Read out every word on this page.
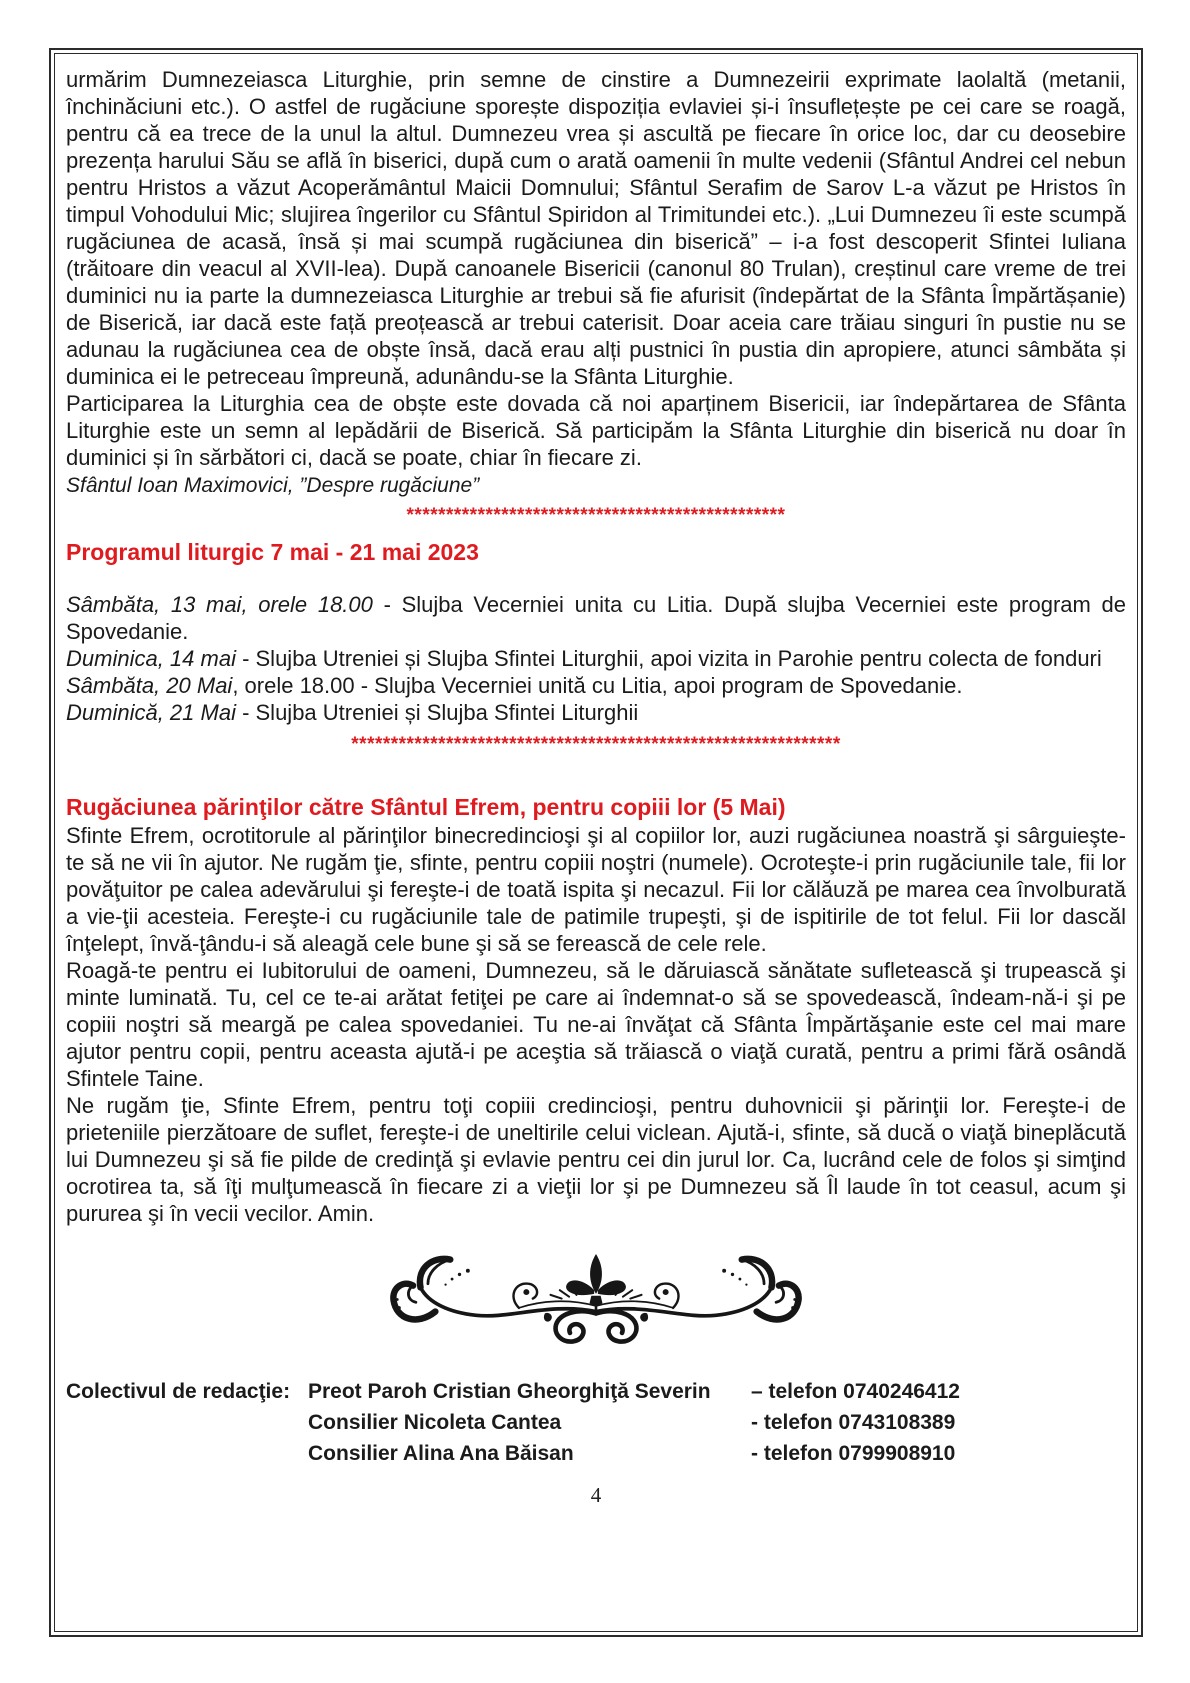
urmărim Dumnezeiasca Liturghie, prin semne de cinstire a Dumnezeirii exprimate laolaltă (metanii, închinăciuni etc.). O astfel de rugăciune sporește dispoziția evlaviei și-i însuflețește pe cei care se roagă, pentru că ea trece de la unul la altul. Dumnezeu vrea și ascultă pe fiecare în orice loc, dar cu deosebire prezența harului Său se află în biserici, după cum o arată oamenii în multe vedenii (Sfântul Andrei cel nebun pentru Hristos a văzut Acoperământul Maicii Domnului; Sfântul Serafim de Sarov L-a văzut pe Hristos în timpul Vohodului Mic; slujirea îngerilor cu Sfântul Spiridon al Trimitundei etc.). „Lui Dumnezeu îi este scumpă rugăciunea de acasă, însă și mai scumpă rugăciunea din biserică” – i-a fost descoperit Sfintei Iuliana (trăitoare din veacul al XVII-lea). După canoanele Bisericii (canonul 80 Trulan), creștinul care vreme de trei duminici nu ia parte la dumnezeiasca Liturghie ar trebui să fie afurisit (îndepărtat de la Sfânta Împărtășanie) de Biserică, iar dacă este față preoțească ar trebui caterisit. Doar aceia care trăiau singuri în pustie nu se adunau la rugăciunea cea de obște însă, dacă erau alți pustnici în pustia din apropiere, atunci sâmbăta și duminica ei le petreceau împreună, adunându-se la Sfânta Liturghie.

Participarea la Liturghia cea de obște este dovada că noi aparținem Bisericii, iar îndepărtarea de Sfânta Liturghie este un semn al lepădării de Biserică. Să participăm la Sfânta Liturghie din biserică nu doar în duminici și în sărbători ci, dacă se poate, chiar în fiecare zi.

Sfântul Ioan Maximovici, ”Despre rugăciune”

************************************************
Programul liturgic 7 mai - 21 mai 2023

Sâmbăta, 13 mai, orele 18.00 - Slujba Vecerniei unita cu Litia. După slujba Vecerniei este program de Spovedanie.

Duminica, 14 mai - Slujba Utreniei și Slujba Sfintei Liturghii, apoi vizita in Parohie pentru colecta de fonduri

Sâmbăta, 20 Mai, orele 18.00 - Slujba Vecerniei unită cu Litia, apoi program de Spovedanie.

Duminică, 21 Mai - Slujba Utreniei și Slujba Sfintei Liturghii

**************************************************************
Rugăciunea părinţilor către Sfântul Efrem, pentru copiii lor (5 Mai)

Sfinte Efrem, ocrotitorule al părinţilor binecredincioşi şi al copiilor lor, auzi rugăciunea noastră şi sârguieşte-te să ne vii în ajutor. Ne rugăm ţie, sfinte, pentru copiii noştri (numele). Ocroteşte-i prin rugăciunile tale, fii lor povăţuitor pe calea adevărului şi fereşte-i de toată ispita şi necazul. Fii lor călăuză pe marea cea învolburată a vie-ţii acesteia. Fereşte-i cu rugăciunile tale de patimile trupeşti, şi de ispitirile de tot felul. Fii lor dascăl înţelept, învă-ţându-i să aleagă cele bune şi să se ferească de cele rele.

Roagă-te pentru ei Iubitorului de oameni, Dumnezeu, să le dăruiască sănătate sufletească şi trupească şi minte luminată. Tu, cel ce te-ai arătat fetiţei pe care ai îndemnat-o să se spovedească, îndeam-nă-i şi pe copiii noştri să meargă pe calea spovedaniei. Tu ne-ai învăţat că Sfânta Împărtăşanie este cel mai mare ajutor pentru copii, pentru aceasta ajută-i pe aceştia să trăiască o viaţă curată, pentru a primi fără osândă Sfintele Taine.

Ne rugăm ţie, Sfinte Efrem, pentru toţi copiii credincioşi, pentru duhovnicii şi părinţii lor. Fereşte-i de prieteniile pierzătoare de suflet, fereşte-i de uneltirile celui viclean. Ajută-i, sfinte, să ducă o viaţă bineplăcută lui Dumnezeu şi să fie pilde de credinţă şi evlavie pentru cei din jurul lor. Ca, lucrând cele de folos şi simţind ocrotirea ta, să îţi mulţumească în fiecare zi a vieţii lor şi pe Dumnezeu să Îl laude în tot ceasul, acum şi pururea şi în vecii vecilor. Amin.

Colectivul de redacţie: Preot Paroh Cristian Gheorghiţă Severin	– telefon 0740246412
Consilier Nicoleta Cantea	- telefon 0743108389
Consilier Alina Ana Băisan	- telefon 0799908910
4
